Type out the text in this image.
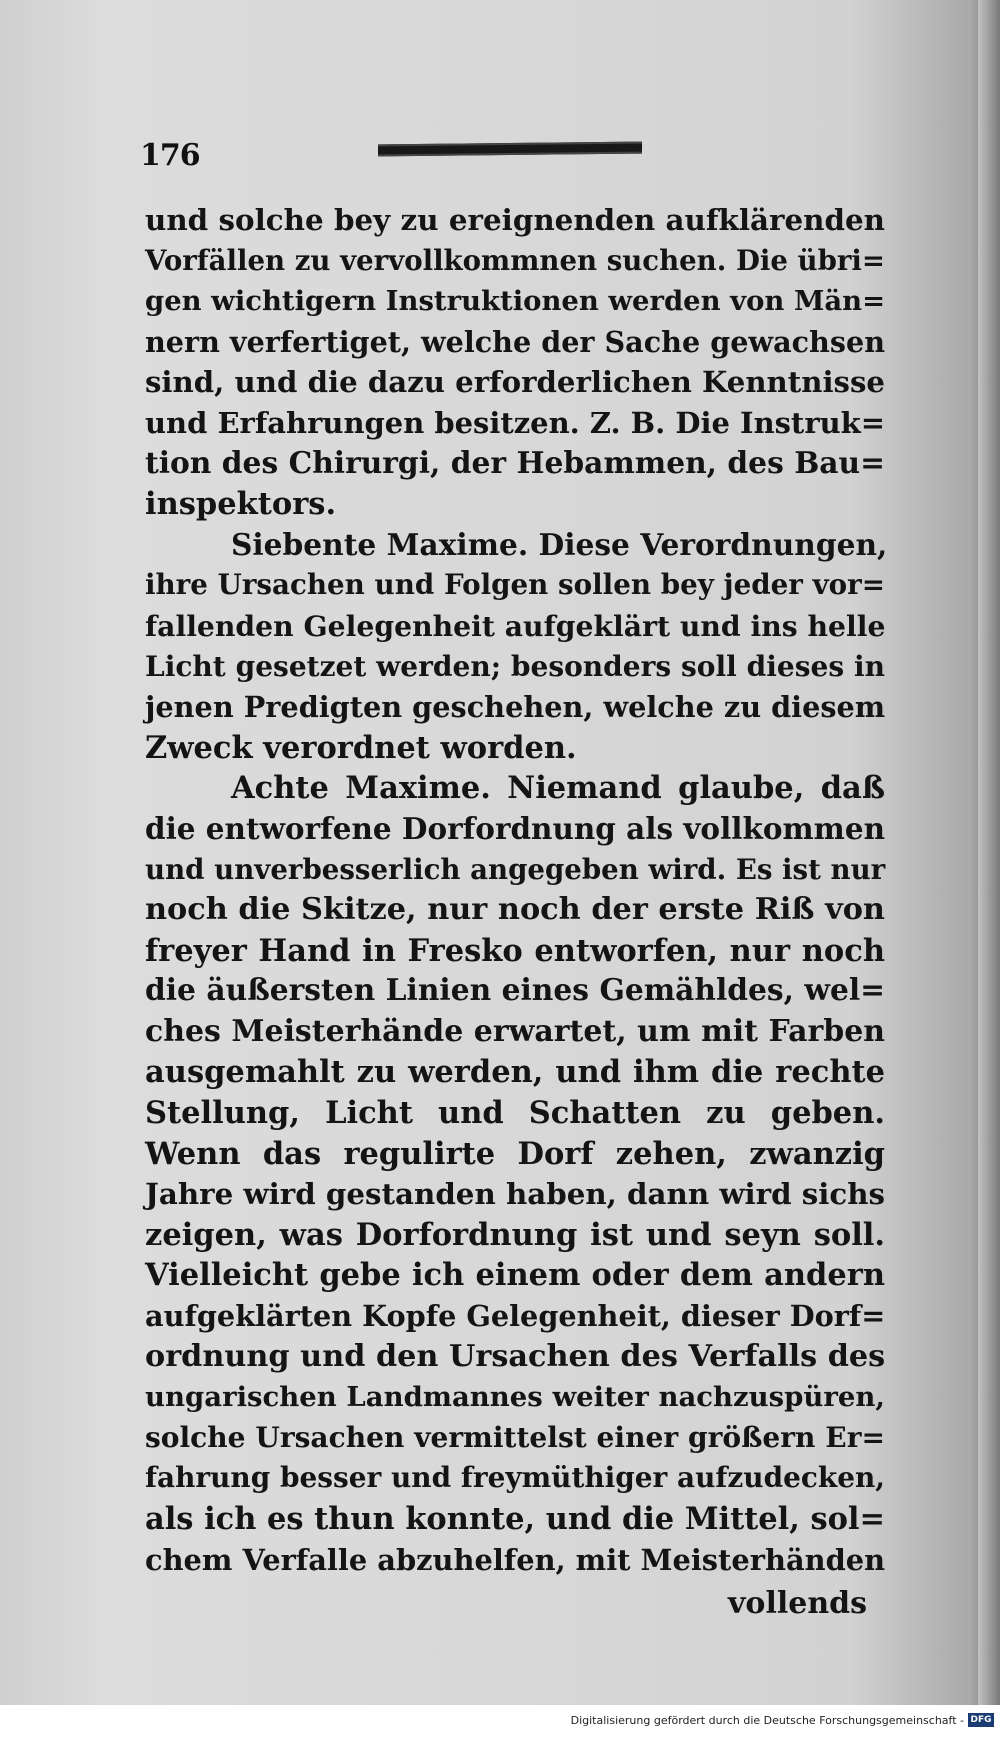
176
und solche bey zu ereignenden aufklärenden
Vorfällen zu vervollkommnen suchen. Die übri=
gen wichtigern Instruktionen werden von Män=
nern verfertiget, welche der Sache gewachsen
sind, und die dazu erforderlichen Kenntnisse
und Erfahrungen besitzen. Z. B. Die Instruk=
tion des Chirurgi, der Hebammen, des Bau=
inspektors.
Siebente Maxime. Diese Verordnungen,
ihre Ursachen und Folgen sollen bey jeder vor=
fallenden Gelegenheit aufgeklärt und ins helle
Licht gesetzet werden; besonders soll dieses in
jenen Predigten geschehen, welche zu diesem
Zweck verordnet worden.
Achte Maxime. Niemand glaube, daß
die entworfene Dorfordnung als vollkommen
und unverbesserlich angegeben wird. Es ist nur
noch die Skitze, nur noch der erste Riß von
freyer Hand in Fresko entworfen, nur noch
die äußersten Linien eines Gemähldes, wel=
ches Meisterhände erwartet, um mit Farben
ausgemahlt zu werden, und ihm die rechte
Stellung, Licht und Schatten zu geben.
Wenn das regulirte Dorf zehen, zwanzig
Jahre wird gestanden haben, dann wird sichs
zeigen, was Dorfordnung ist und seyn soll.
Vielleicht gebe ich einem oder dem andern
aufgeklärten Kopfe Gelegenheit, dieser Dorf=
ordnung und den Ursachen des Verfalls des
ungarischen Landmannes weiter nachzuspüren,
solche Ursachen vermittelst einer größern Er=
fahrung besser und freymüthiger aufzudecken,
als ich es thun konnte, und die Mittel, sol=
chem Verfalle abzuhelfen, mit Meisterhänden
vollends
Digitalisierung gefördert durch die Deutsche Forschungsgemeinschaft - DFG
